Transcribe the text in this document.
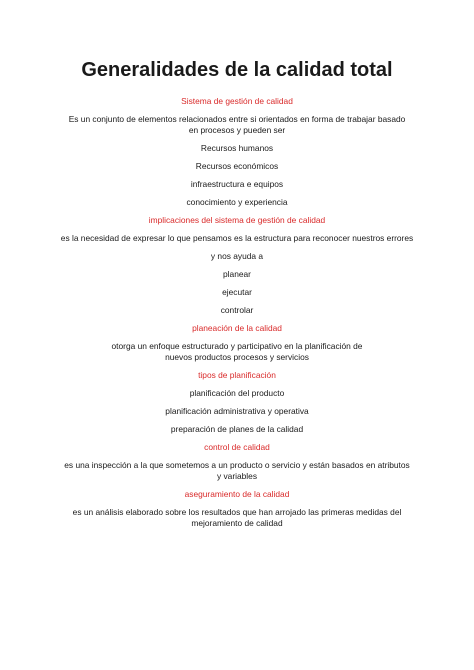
Generalidades de la calidad total

Sistema de gestión de calidad

Es un conjunto de elementos relacionados entre si orientados en forma de trabajar basado en procesos y pueden ser

Recursos humanos

Recursos económicos

infraestructura e equipos

conocimiento y experiencia

implicaciones del sistema de gestión de calidad

es la necesidad de expresar lo que pensamos es la estructura para reconocer nuestros errores

y nos ayuda a

planear

ejecutar

controlar

planeación de la calidad

otorga un enfoque estructurado y participativo en la planificación de nuevos productos procesos y servicios

tipos de planificación

planificación del producto

planificación administrativa y operativa

preparación de planes de la calidad

control de calidad

es una inspección a la que sometemos a un producto o servicio y están basados en atributos y variables

aseguramiento de la calidad

es un análisis elaborado sobre los resultados que han arrojado las primeras medidas del mejoramiento de calidad
